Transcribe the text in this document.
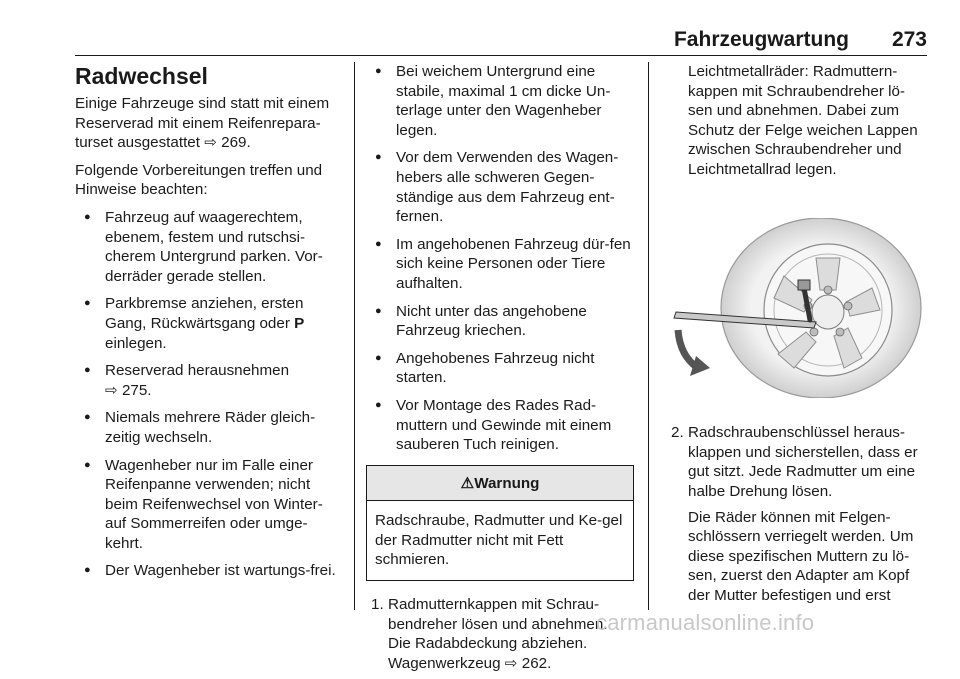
Fahrzeugwartung 273
Radwechsel

Einige Fahrzeuge sind statt mit einem Reserverad mit einem Reifenrepara-turset ausgestattet ⇨ 269.

Folgende Vorbereitungen treffen und Hinweise beachten:

● Fahrzeug auf waagerechtem, ebenem, festem und rutschsi-cherem Untergrund parken. Vor-derräder gerade stellen.
● Parkbremse anziehen, ersten Gang, Rückwärtsgang oder P einlegen.
● Reserverad herausnehmen
⇨ 275.
● Niemals mehrere Räder gleich-zeitig wechseln.
● Wagenheber nur im Falle einer Reifenpanne verwenden; nicht beim Reifenwechsel von Winter-auf Sommerreifen oder umge-kehrt.
● Der Wagenheber ist wartungs-frei.
● Bei weichem Untergrund eine stabile, maximal 1 cm dicke Un-terlage unter den Wagenheber legen.
● Vor dem Verwenden des Wagen-hebers alle schweren Gegen-ständige aus dem Fahrzeug ent-fernen.
● Im angehobenen Fahrzeug dür-fen sich keine Personen oder Tiere aufhalten.
● Nicht unter das angehobene Fahrzeug kriechen.
● Angehobenes Fahrzeug nicht starten.
● Vor Montage des Rades Rad-muttern und Gewinde mit einem sauberen Tuch reinigen.
⚠Warnung
Radschraube, Radmutter und Ke-gel der Radmutter nicht mit Fett schmieren.
1. Radmutternkappen mit Schrau-bendreher lösen und abnehmen. Die Radabdeckung abziehen. Wagenwerkzeug ⇨ 262.
Leichtmetallräder: Radmuttern-kappen mit Schraubendreher lö-sen und abnehmen. Dabei zum Schutz der Felge weichen Lappen zwischen Schraubendreher und Leichtmetallrad legen.
2. Radschraubenschlüssel heraus-klappen und sicherstellen, dass er gut sitzt. Jede Radmutter um eine halbe Drehung lösen.
Die Räder können mit Felgen-schlössern verriegelt werden. Um diese spezifischen Muttern zu lö-sen, zuerst den Adapter am Kopf der Mutter befestigen und erst
carmanualsonline.info
